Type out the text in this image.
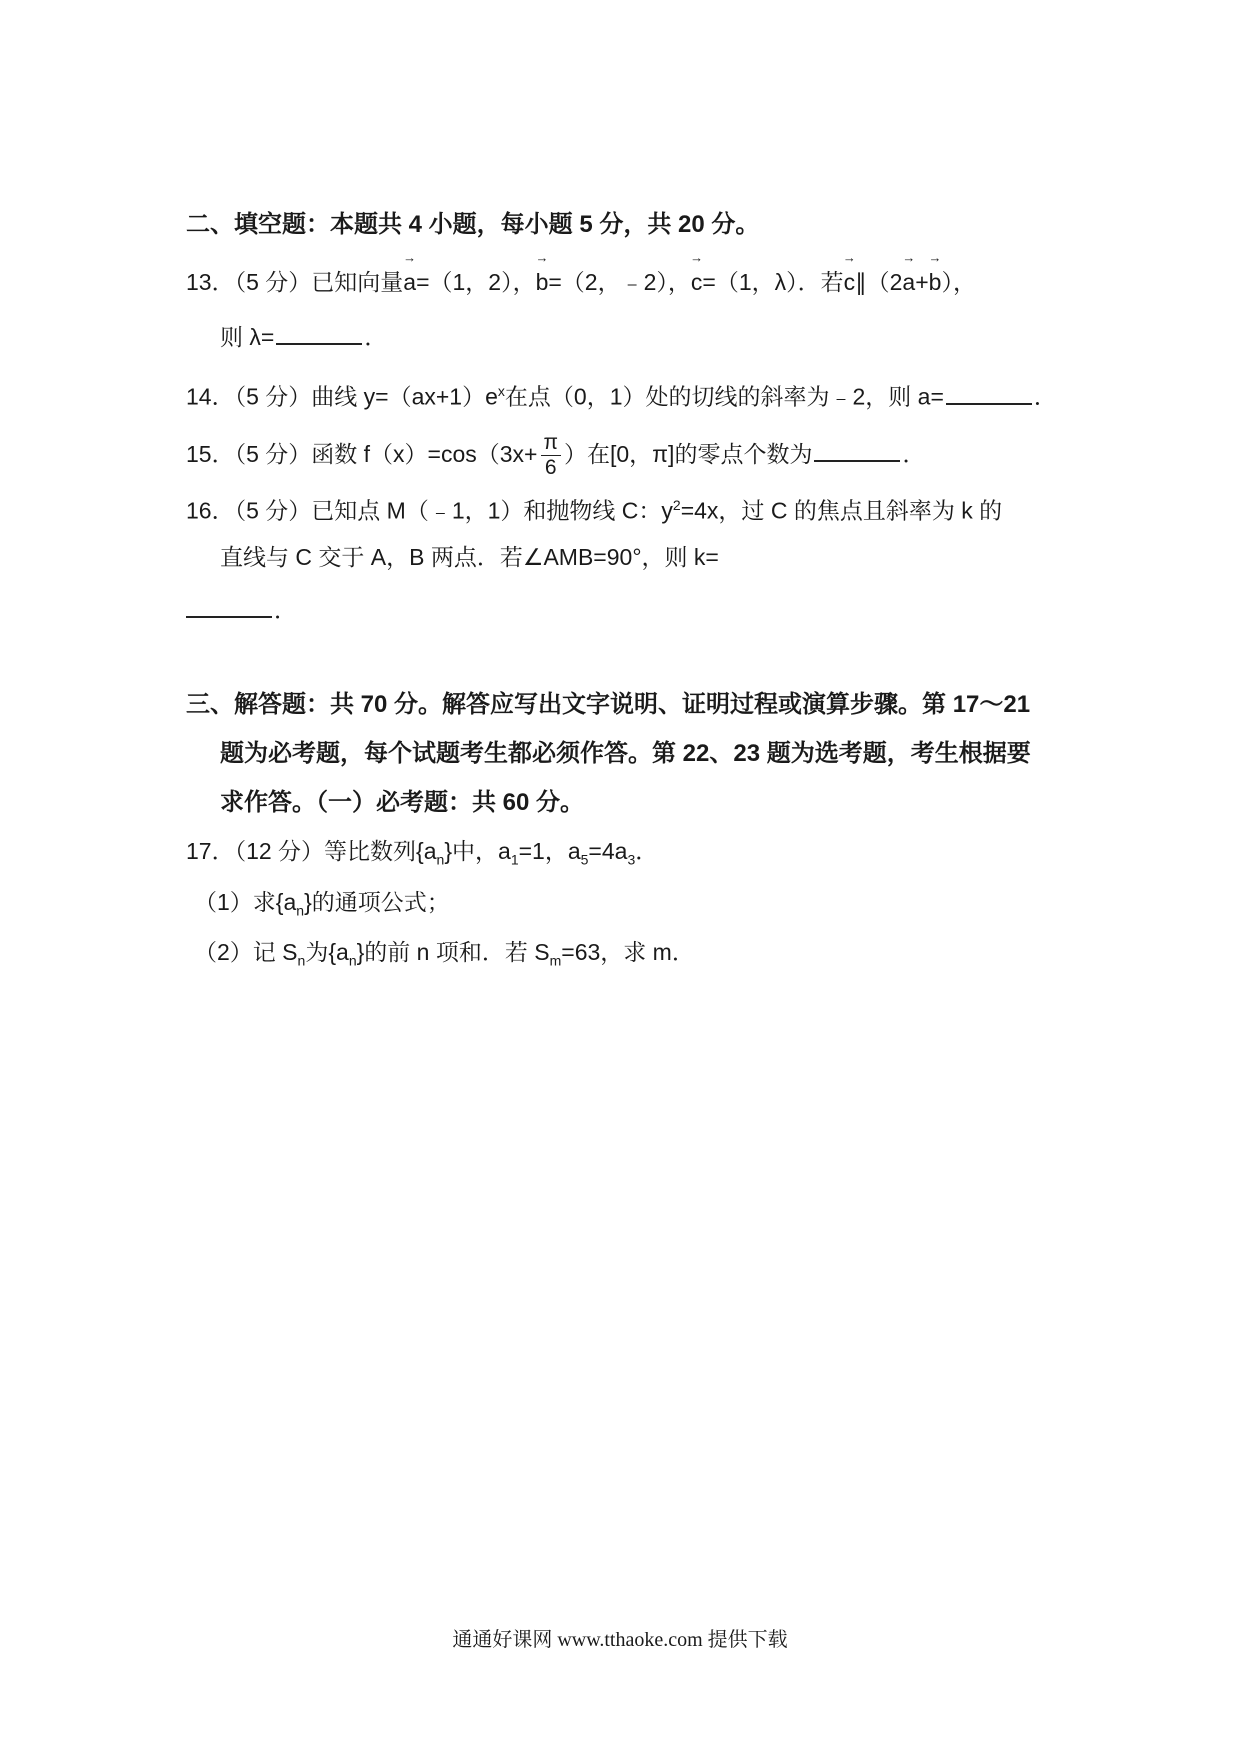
二、填空题：本题共 4 小题，每小题 5 分，共 20 分。
13．（5 分）已知向量
→
a=（1，2），
→
b=（2，﹣2），
→
c=（1，λ）．若
→
c∥（2
→
a+
→
b），
则 λ=	．
14．（5 分）曲线 $y=(ax+1)e^x$在点（0，1）处的切线的斜率为﹣2，则 a=	．
15．（5 分）函数 $f(x)=\cos(3x+ \frac{\pi}{6}$ ）在[0，π]的零点个数为	．
16．（5 分）已知点 M（﹣1，1）和抛物线 C：$y^2=4x$，过 C 的焦点且斜率为 k 的
直线与 C 交于 A，B 两点．若∠AMB=90°，则 k=
．
三、解答题：共 70 分。解答应写出文字说明、证明过程或演算步骤。第 17～21
题为必考题，每个试题考生都必须作答。第 22、23 题为选考题，考生根据要
求作答。（一）必考题：共 60 分。
17．（12 分）等比数列$\{a_n\}$中，$a_1=1$，$a_5=4a_3$．
（1）求$\{a_n\}$的通项公式；
（2）记 $S_n$为$\{a_n\}$的前 n 项和．若 $S_m=63$，求 m．
通通好课网 www.tthaoke.com 提供下载
